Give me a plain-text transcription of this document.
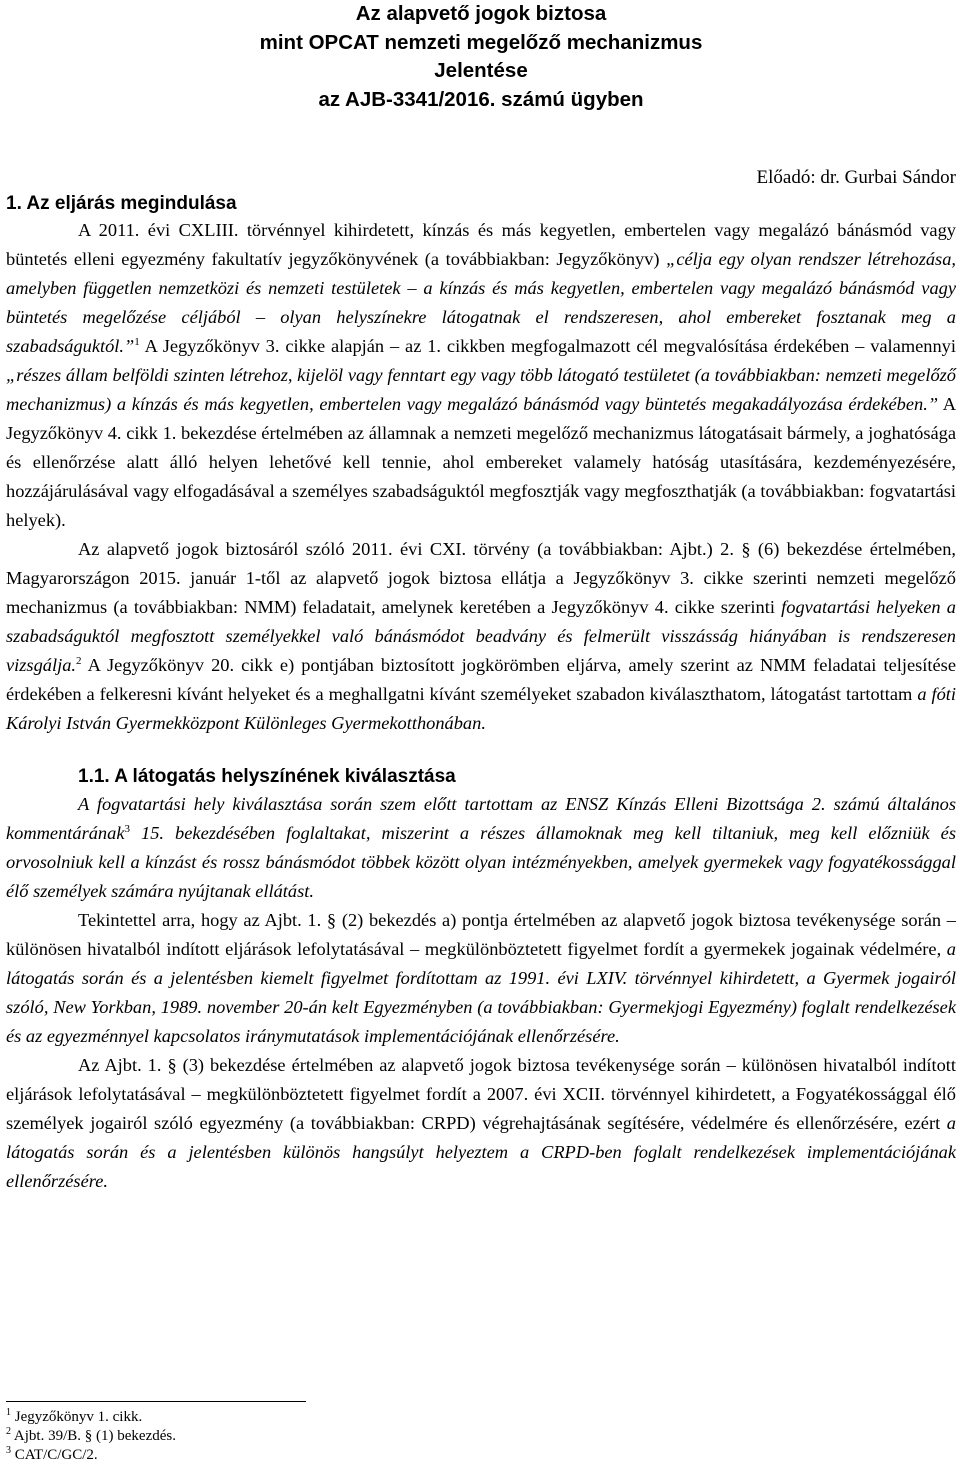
Az alapvető jogok biztosa
mint OPCAT nemzeti megelőző mechanizmus
Jelentése
az AJB-3341/2016. számú ügyben
Előadó: dr. Gurbai Sándor
1. Az eljárás megindulása

A 2011. évi CXLIII. törvénnyel kihirdetett, kínzás és más kegyetlen, embertelen vagy megalázó bánásmód vagy büntetés elleni egyezmény fakultatív jegyzőkönyvének (a továbbiakban: Jegyzőkönyv) „célja egy olyan rendszer létrehozása, amelyben független nemzetközi és nemzeti testületek – a kínzás és más kegyetlen, embertelen vagy megalázó bánásmód vagy büntetés megelőzése céljából – olyan helyszínekre látogatnak el rendszeresen, ahol embereket fosztanak meg a szabadságuktól.”$^1$ A Jegyzőkönyv 3. cikke alapján – az 1. cikkben megfogalmazott cél megvalósítása érdekében – valamennyi „részes állam belföldi szinten létrehoz, kijelöl vagy fenntart egy vagy több látogató testületet (a továbbiakban: nemzeti megelőző mechanizmus) a kínzás és más kegyetlen, embertelen vagy megalázó bánásmód vagy büntetés megakadályozása érdekében.” A Jegyzőkönyv 4. cikk 1. bekezdése értelmében az államnak a nemzeti megelőző mechanizmus látogatásait bármely, a joghatósága és ellenőrzése alatt álló helyen lehetővé kell tennie, ahol embereket valamely hatóság utasítására, kezdeményezésére, hozzájárulásával vagy elfogadásával a személyes szabadságuktól megfosztják vagy megfoszthatják (a továbbiakban: fogvatartási helyek).

Az alapvető jogok biztosáról szóló 2011. évi CXI. törvény (a továbbiakban: Ajbt.) 2. § (6) bekezdése értelmében, Magyarországon 2015. január 1-től az alapvető jogok biztosa ellátja a Jegyzőkönyv 3. cikke szerinti nemzeti megelőző mechanizmus (a továbbiakban: NMM) feladatait, amelynek keretében a Jegyzőkönyv 4. cikke szerinti fogvatartási helyeken a szabadságuktól megfosztott személyekkel való bánásmódot beadvány és felmerült visszásság hiányában is rendszeresen vizsgálja.$^2$ A Jegyzőkönyv 20. cikk e) pontjában biztosított jogkörömben eljárva, amely szerint az NMM feladatai teljesítése érdekében a felkeresni kívánt helyeket és a meghallgatni kívánt személyeket szabadon kiválaszthatom, látogatást tartottam a fóti Károlyi István Gyermekközpont Különleges Gyermekotthonában.

1.1. A látogatás helyszínének kiválasztása

A fogvatartási hely kiválasztása során szem előtt tartottam az ENSZ Kínzás Elleni Bizottsága 2. számú általános kommentárának$^3$ 15. bekezdésében foglaltakat, miszerint a részes államoknak meg kell tiltaniuk, meg kell előzniük és orvosolniuk kell a kínzást és rossz bánásmódot többek között olyan intézményekben, amelyek gyermekek vagy fogyatékossággal élő személyek számára nyújtanak ellátást.

Tekintettel arra, hogy az Ajbt. 1. § (2) bekezdés a) pontja értelmében az alapvető jogok biztosa tevékenysége során – különösen hivatalból indított eljárások lefolytatásával – megkülönböztetett figyelmet fordít a gyermekek jogainak védelmére, a látogatás során és a jelentésben kiemelt figyelmet fordítottam az 1991. évi LXIV. törvénnyel kihirdetett, a Gyermek jogairól szóló, New Yorkban, 1989. november 20-án kelt Egyezményben (a továbbiakban: Gyermekjogi Egyezmény) foglalt rendelkezések és az egyezménnyel kapcsolatos iránymutatások implementációjának ellenőrzésére.

Az Ajbt. 1. § (3) bekezdése értelmében az alapvető jogok biztosa tevékenysége során – különösen hivatalból indított eljárások lefolytatásával – megkülönböztetett figyelmet fordít a 2007. évi XCII. törvénnyel kihirdetett, a Fogyatékossággal élő személyek jogairól szóló egyezmény (a továbbiakban: CRPD) végrehajtásának segítésére, védelmére és ellenőrzésére, ezért a látogatás során és a jelentésben különös hangsúlyt helyeztem a CRPD-ben foglalt rendelkezések implementációjának ellenőrzésére.

$^1$ Jegyzőkönyv 1. cikk.
$^2$ Ajbt. 39/B. § (1) bekezdés.
$^3$ CAT/C/GC/2.
